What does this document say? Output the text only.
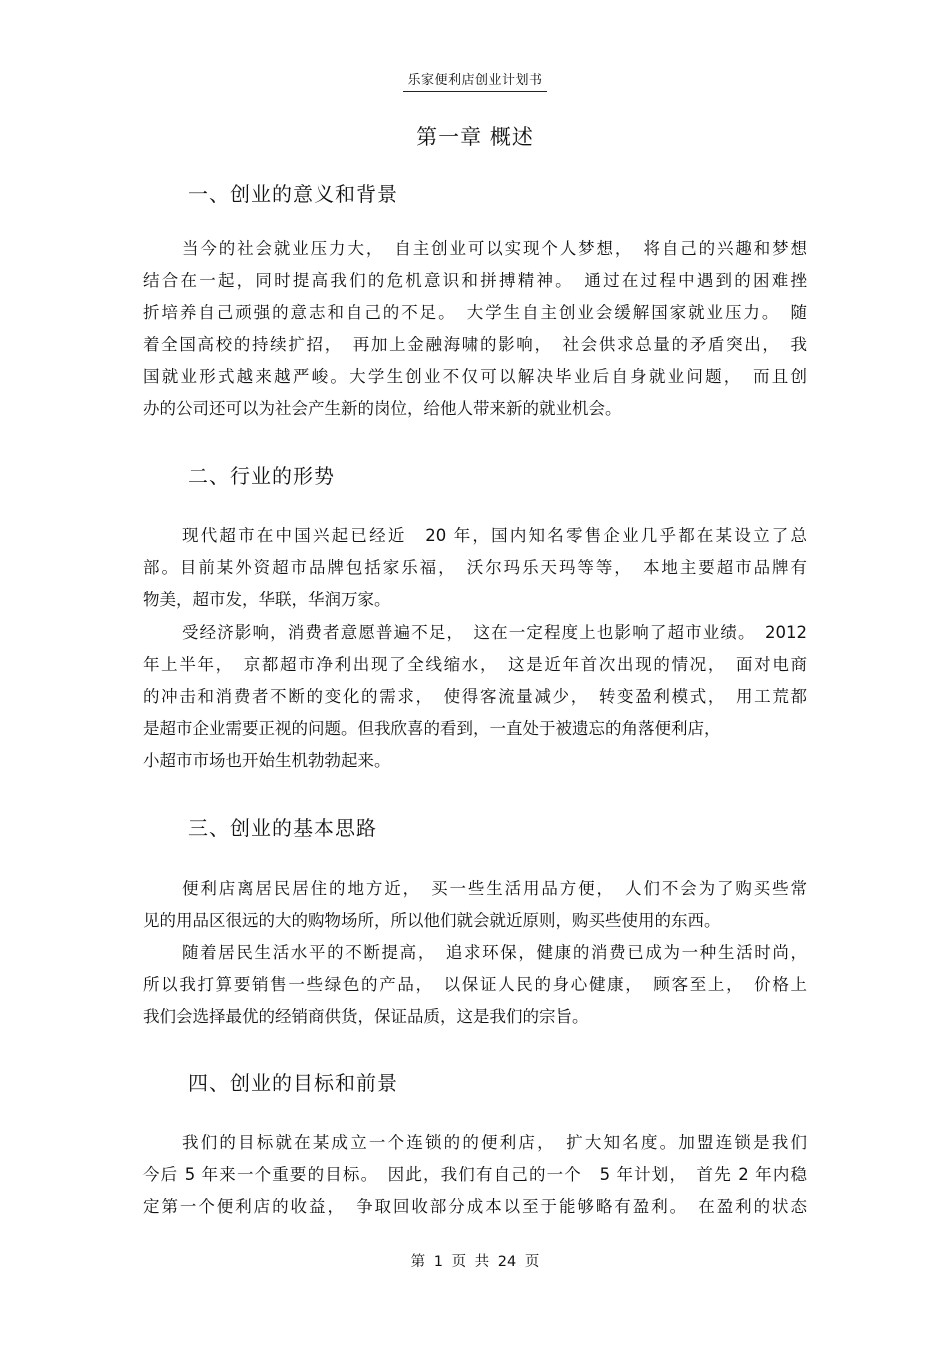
乐家便利店创业计划书
第一章 概述
一、创业的意义和背景
当今的社会就业压力大，　自主创业可以实现个人梦想，　将自己的兴趣和梦想
结合在一起，同时提高我们的危机意识和拼搏精神。　通过在过程中遇到的困难挫
折培养自己顽强的意志和自己的不足。　大学生自主创业会缓解国家就业压力。　随
着全国高校的持续扩招，　再加上金融海啸的影响，　社会供求总量的矛盾突出，　我
国就业形式越来越严峻。大学生创业不仅可以解决毕业后自身就业问题，　而且创
办的公司还可以为社会产生新的岗位，给他人带来新的就业机会。
二、行业的形势
现代超市在中国兴起已经近　20 年，国内知名零售企业几乎都在某设立了总
部。目前某外资超市品牌包括家乐福，　沃尔玛乐天玛等等，　本地主要超市品牌有
物美，超市发，华联，华润万家。
受经济影响，消费者意愿普遍不足，　这在一定程度上也影响了超市业绩。　2012
年上半年，　京都超市净利出现了全线缩水，　这是近年首次出现的情况，　面对电商
的冲击和消费者不断的变化的需求，　使得客流量减少，　转变盈利模式，　用工荒都
是超市企业需要正视的问题。但我欣喜的看到，一直处于被遗忘的角落便利店，
小超市市场也开始生机勃勃起来。
三、创业的基本思路
便利店离居民居住的地方近，　买一些生活用品方便，　人们不会为了购买些常
见的用品区很远的大的购物场所，所以他们就会就近原则，购买些使用的东西。
随着居民生活水平的不断提高，　追求环保，健康的消费已成为一种生活时尚，
所以我打算要销售一些绿色的产品，　以保证人民的身心健康，　顾客至上，　价格上
我们会选择最优的经销商供货，保证品质，这是我们的宗旨。
四、创业的目标和前景
我们的目标就在某成立一个连锁的的便利店，　扩大知名度。加盟连锁是我们
今后 5 年来一个重要的目标。　因此，我们有自己的一个　5 年计划，　首先 2 年内稳
定第一个便利店的收益，　争取回收部分成本以至于能够略有盈利。　在盈利的状态
第 1 页 共 24 页
